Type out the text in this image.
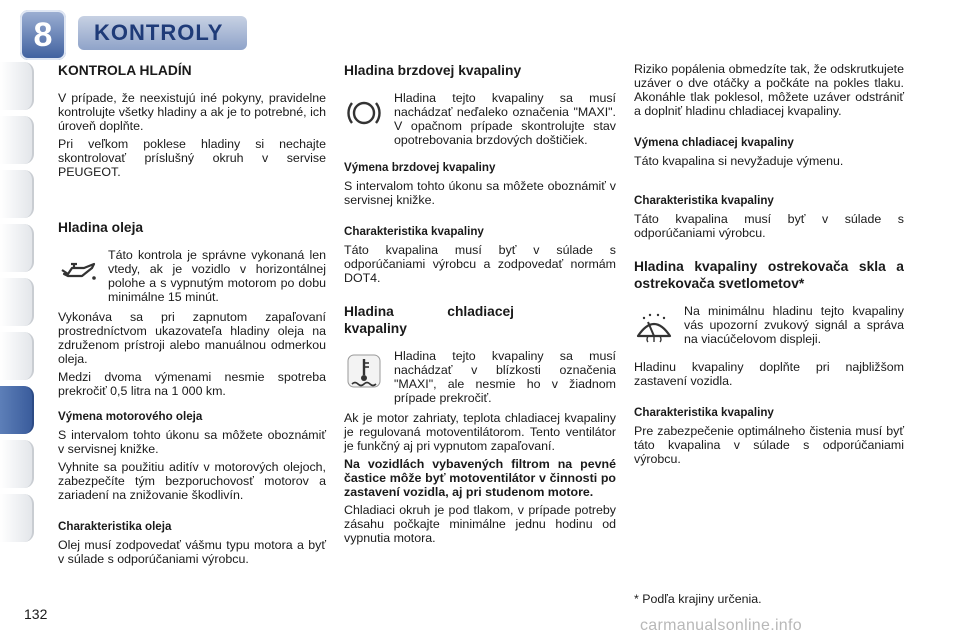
8	KONTROLY
KONTROLA HLADÍN

V prípade, že neexistujú iné pokyny, pravidelne kontrolujte všetky hladiny a ak je to potrebné, ich úroveň doplňte.

Pri veľkom poklese hladiny si nechajte skontrolovať príslušný okruh v servise PEUGEOT.

Hladina oleja

Táto kontrola je správne vykonaná len vtedy, ak je vozidlo v horizontálnej polohe a s vypnutým motorom po dobu minimálne 15 minút.

Vykonáva sa pri zapnutom zapaľovaní prostredníctvom ukazovateľa hladiny oleja na združenom prístroji alebo manuálnou odmerkou oleja.

Medzi dvoma výmenami nesmie spotreba prekročiť 0,5 litra na 1 000 km.

Výmena motorového oleja

S intervalom tohto úkonu sa môžete oboznámiť v servisnej knižke.

Vyhnite sa použitiu aditív v motorových olejoch, zabezpečíte tým bezporuchovosť motorov a zariadení na znižovanie škodlivín.

Charakteristika oleja

Olej musí zodpovedať vášmu typu motora a byť v súlade s odporúčaniami výrobcu.

Hladina brzdovej kvapaliny

Hladina tejto kvapaliny sa musí nachádzať neďaleko označenia "MAXI". V opačnom prípade skontrolujte stav opotrebovania brzdových doštičiek.

Výmena brzdovej kvapaliny

S intervalom tohto úkonu sa môžete oboznámiť v servisnej knižke.

Charakteristika kvapaliny

Táto kvapalina musí byť v súlade s odporúčaniami výrobcu a zodpovedať normám DOT4.

Hladina chladiacej kvapaliny

Hladina tejto kvapaliny sa musí nachádzať v blízkosti označenia "MAXI", ale nesmie ho v žiadnom prípade prekročiť.

Ak je motor zahriaty, teplota chladiacej kvapaliny je regulovaná motoventilátorom. Tento ventilátor je funkčný aj pri vypnutom zapaľovaní.

Na vozidlách vybavených filtrom na pevné častice môže byť motoventilátor v činnosti po zastavení vozidla, aj pri studenom motore.

Chladiaci okruh je pod tlakom, v prípade potreby zásahu počkajte minimálne jednu hodinu od vypnutia motora.

Riziko popálenia obmedzíte tak, že odskrutkujete uzáver o dve otáčky a počkáte na pokles tlaku. Akonáhle tlak poklesol, môžete uzáver odstrániť a doplniť hladinu chladiacej kvapaliny.

Výmena chladiacej kvapaliny

Táto kvapalina si nevyžaduje výmenu.

Charakteristika kvapaliny

Táto kvapalina musí byť v súlade s odporúčaniami výrobcu.

Hladina kvapaliny ostrekovača skla a ostrekovača svetlometov*

Na minimálnu hladinu tejto kvapaliny vás upozorní zvukový signál a správa na viacúčelovom displeji.

Hladinu kvapaliny doplňte pri najbližšom zastavení vozidla.

Charakteristika kvapaliny

Pre zabezpečenie optimálneho čistenia musí byť táto kvapalina v súlade s odporúčaniami výrobcu.

* Podľa krajiny určenia.
132
carmanualsonline.info
